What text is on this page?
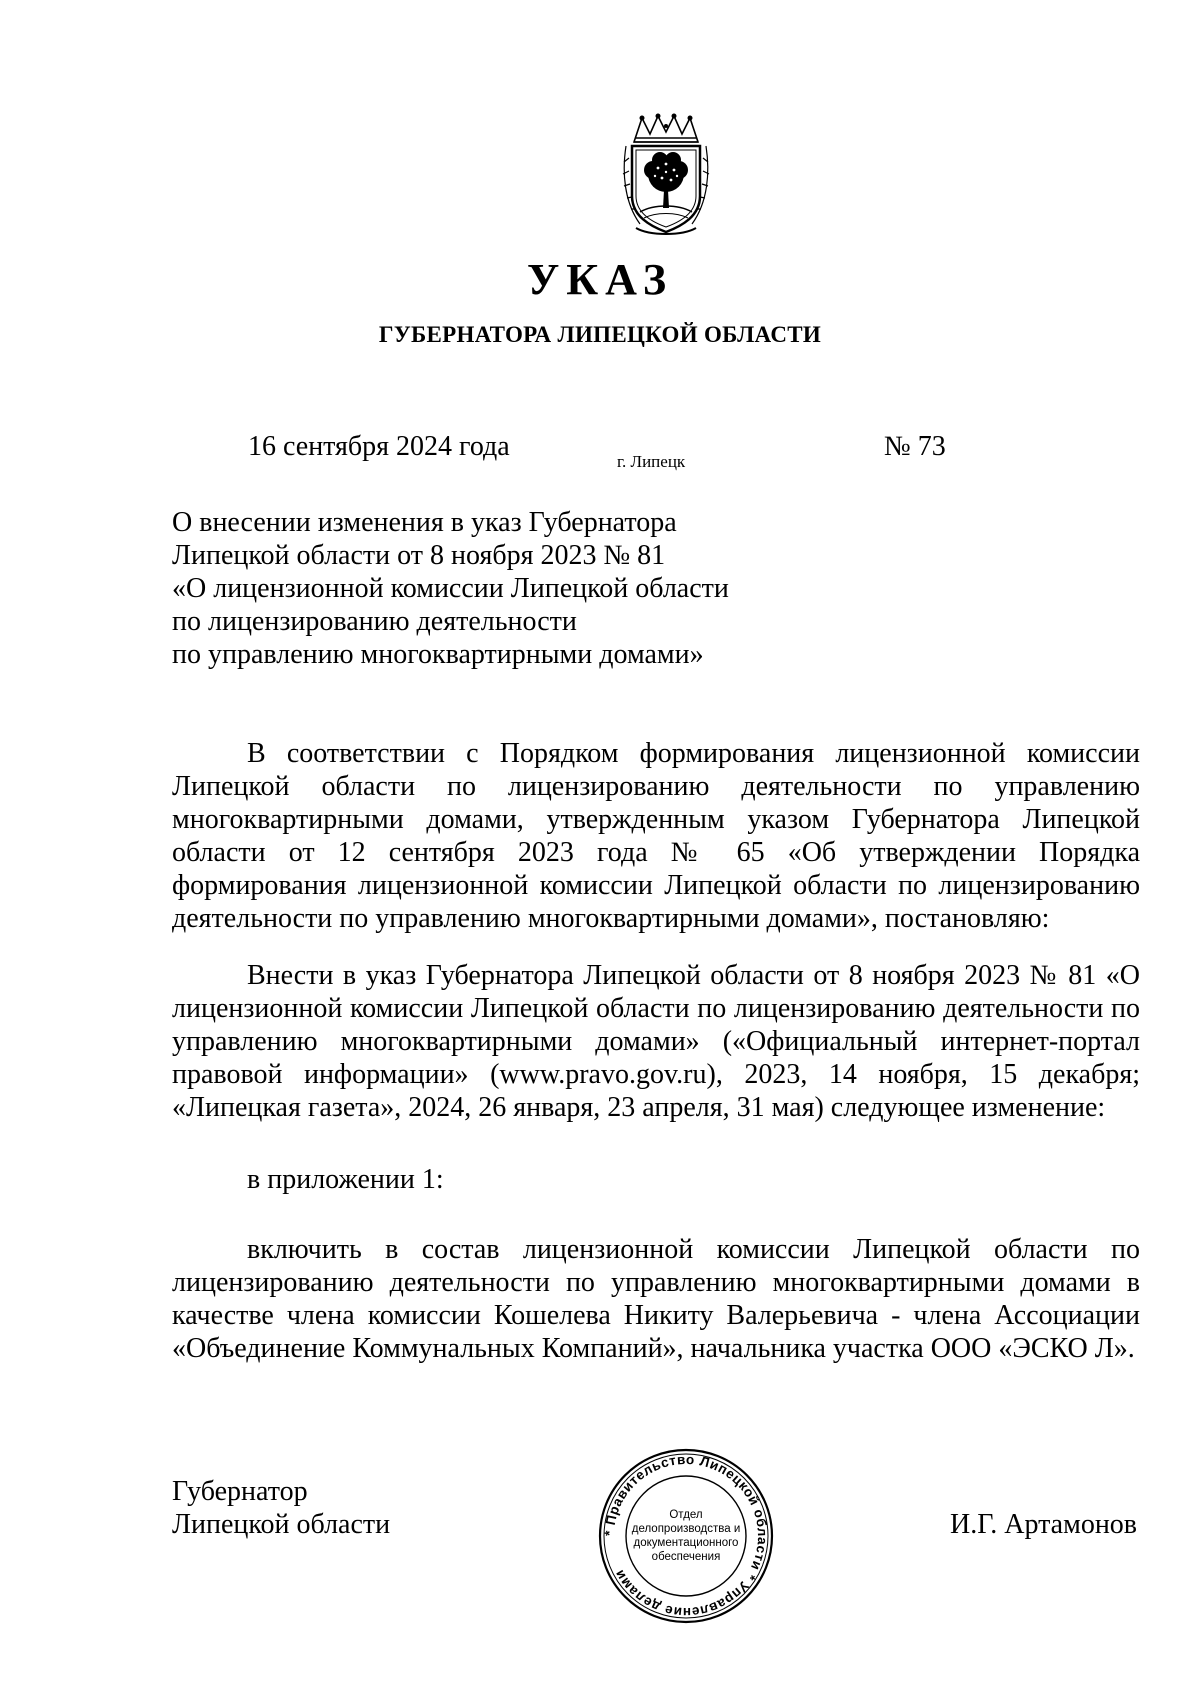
УКАЗ
ГУБЕРНАТОРА ЛИПЕЦКОЙ ОБЛАСТИ
16 сентября 2024 года	г. Липецк	№ 73
О внесении изменения в указ Губернатора
Липецкой области от 8 ноября 2023 № 81
«О лицензионной комиссии Липецкой области
по лицензированию деятельности
по управлению многоквартирными домами»
В соответствии с Порядком формирования лицензионной комиссии Липецкой области по лицензированию деятельности по управлению многоквартирными домами, утвержденным указом Губернатора Липецкой области от 12 сентября 2023 года № 65 «Об утверждении Порядка формирования лицензионной комиссии Липецкой области по лицензированию деятельности по управлению многоквартирными домами», постановляю:
Внести в указ Губернатора Липецкой области от 8 ноября 2023 № 81 «О лицензионной комиссии Липецкой области по лицензированию деятельности по управлению многоквартирными домами» («Официальный интернет-портал правовой информации» (www.pravo.gov.ru), 2023, 14 ноября, 15 декабря; «Липецкая газета», 2024, 26 января, 23 апреля, 31 мая) следующее изменение:
в приложении 1:
включить в состав лицензионной комиссии Липецкой области по лицензированию деятельности по управлению многоквартирными домами в качестве члена комиссии Кошелева Никиту Валерьевича - члена Ассоциации «Объединение Коммунальных Компаний», начальника участка ООО «ЭСКО Л».
Губернатор
Липецкой области	* Правительство Липецкой области * Управление делами
Отдел
делопроизводства и
документационного
обеспечения
И.Г. Артамонов
